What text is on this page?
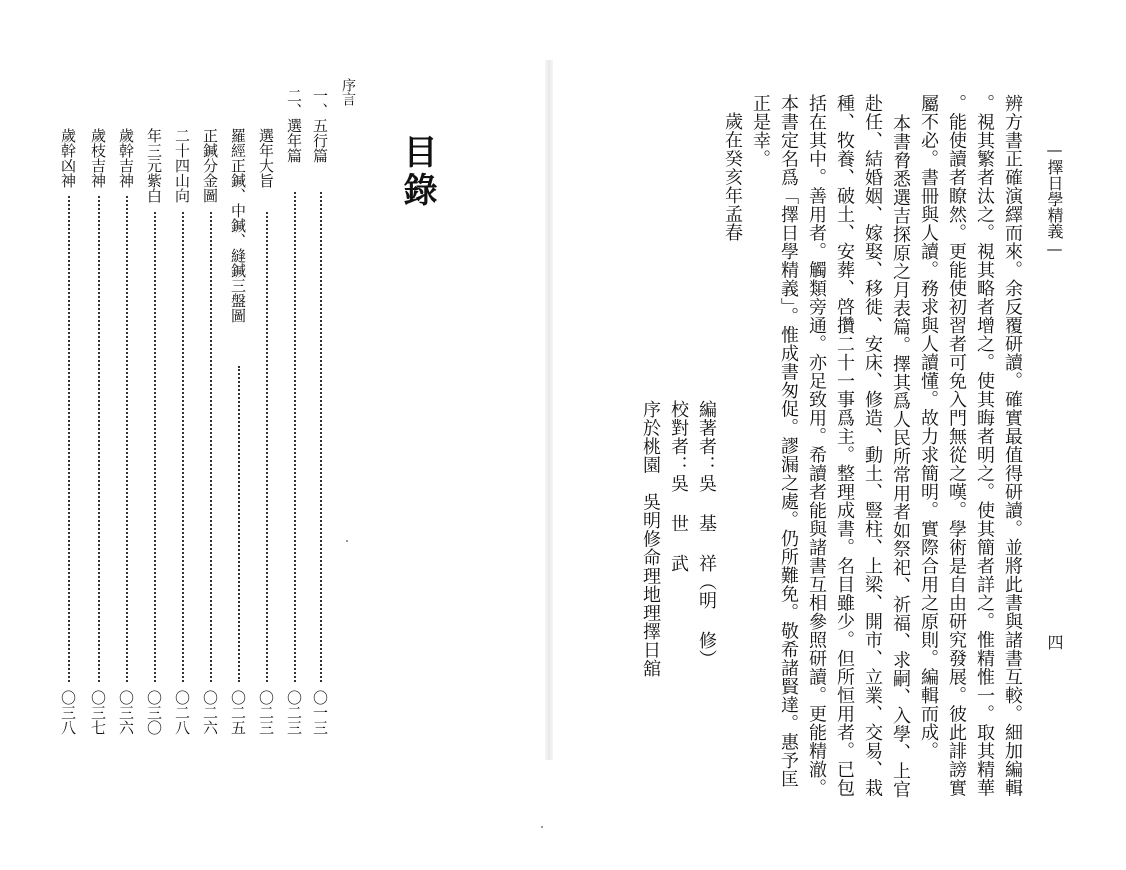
序言
目錄
一、五行篇
〇一三
二、選年篇
〇二三
選年大旨
〇二三
羅經正鍼、中鍼、縫鍼三盤圖
〇二五
正鍼分金圖
〇二六
二十四山向
〇二八
年三元紫白
〇三〇
歲幹吉神
〇三六
歲枝吉神
〇三七
歲幹凶神
〇三八
—擇日學精義—
四
辨方書正確演繹而來。余反覆研讀。確實最值得研讀。並將此書與諸書互較。細加編輯
。視其繁者汰之。視其略者增之。使其晦者明之。使其簡者詳之。惟精惟一。取其精華
。能使讀者瞭然。更能使初習者可免入門無從之嘆。學術是自由研究發展。彼此誹謗實
屬不必。書冊與人讀。務求與人讀懂。故力求簡明。實際合用之原則。編輯而成。
本書脅悉選吉探原之月表篇。擇其爲人民所常用者如祭祀、祈福、求嗣、入學、上官
赴任、結婚姻、嫁娶、移徙、安床、修造、動土、豎柱、上梁、開市、立業、交易、栽
種、牧養、破土、安葬、啓攢二十一事爲主。整理成書。名目雖少。但所恒用者。已包
括在其中。善用者。觸類旁通。亦足致用。希讀者能與諸書互相參照研讀。更能精澈。
本書定名爲「擇日學精義」。惟成書匆促。謬漏之處。仍所難免。敬希諸賢達。惠予匡
正是幸。
歲在癸亥年孟春
編著者：吳 基 祥（明 修）
校對者：吳 世 武
序於桃園　吳明修命理地理擇日舘
